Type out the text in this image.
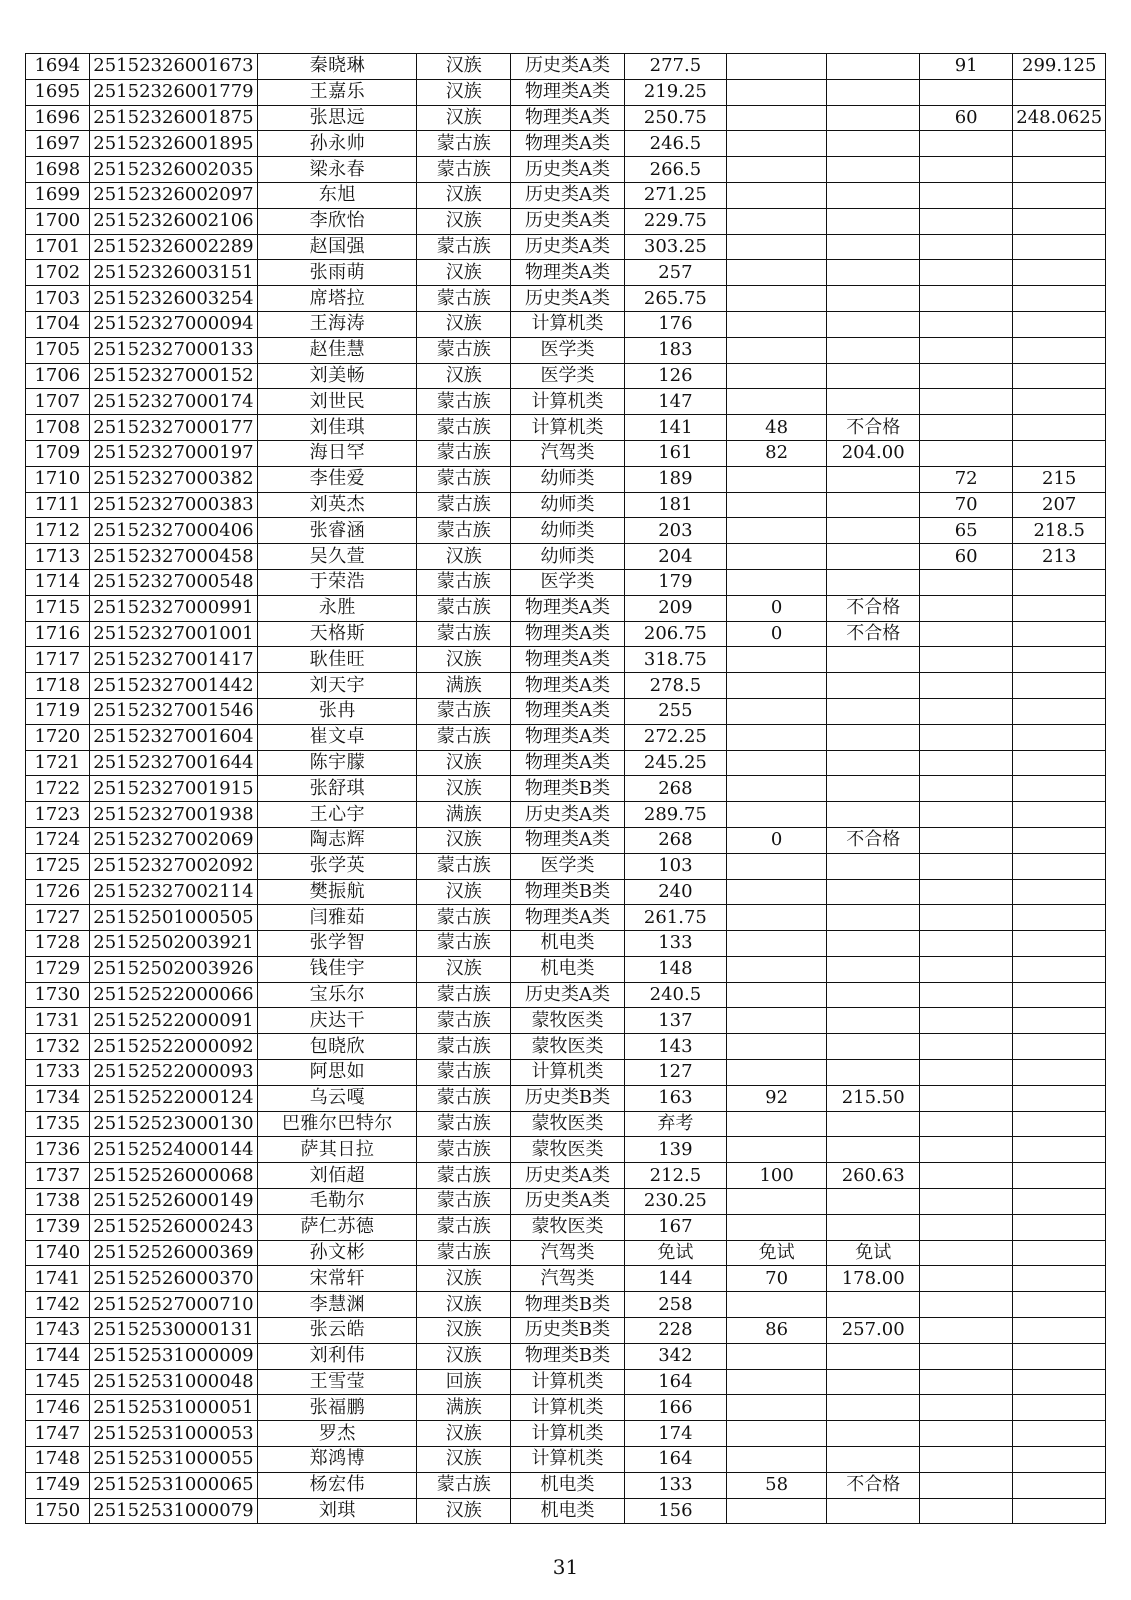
1694	25152326001673	秦晓琳	汉族	历史类A类	277.5			91	299.125
1695	25152326001779	王嘉乐	汉族	物理类A类	219.25				
1696	25152326001875	张思远	汉族	物理类A类	250.75			60	248.0625
1697	25152326001895	孙永帅	蒙古族	物理类A类	246.5				
1698	25152326002035	梁永春	蒙古族	历史类A类	266.5				
1699	25152326002097	东旭	汉族	历史类A类	271.25				
1700	25152326002106	李欣怡	汉族	历史类A类	229.75				
1701	25152326002289	赵国强	蒙古族	历史类A类	303.25				
1702	25152326003151	张雨萌	汉族	物理类A类	257				
1703	25152326003254	席塔拉	蒙古族	历史类A类	265.75				
1704	25152327000094	王海涛	汉族	计算机类	176				
1705	25152327000133	赵佳慧	蒙古族	医学类	183				
1706	25152327000152	刘美畅	汉族	医学类	126				
1707	25152327000174	刘世民	蒙古族	计算机类	147				
1708	25152327000177	刘佳琪	蒙古族	计算机类	141	48	不合格		
1709	25152327000197	海日罕	蒙古族	汽驾类	161	82	204.00		
1710	25152327000382	李佳爱	蒙古族	幼师类	189			72	215
1711	25152327000383	刘英杰	蒙古族	幼师类	181			70	207
1712	25152327000406	张睿涵	蒙古族	幼师类	203			65	218.5
1713	25152327000458	吴久萱	汉族	幼师类	204			60	213
1714	25152327000548	于荣浩	蒙古族	医学类	179				
1715	25152327000991	永胜	蒙古族	物理类A类	209	0	不合格		
1716	25152327001001	天格斯	蒙古族	物理类A类	206.75	0	不合格		
1717	25152327001417	耿佳旺	汉族	物理类A类	318.75				
1718	25152327001442	刘天宇	满族	物理类A类	278.5				
1719	25152327001546	张冉	蒙古族	物理类A类	255				
1720	25152327001604	崔文卓	蒙古族	物理类A类	272.25				
1721	25152327001644	陈宇朦	汉族	物理类A类	245.25				
1722	25152327001915	张舒琪	汉族	物理类B类	268				
1723	25152327001938	王心宇	满族	历史类A类	289.75				
1724	25152327002069	陶志辉	汉族	物理类A类	268	0	不合格		
1725	25152327002092	张学英	蒙古族	医学类	103				
1726	25152327002114	樊振航	汉族	物理类B类	240				
1727	25152501000505	闫雅茹	蒙古族	物理类A类	261.75				
1728	25152502003921	张学智	蒙古族	机电类	133				
1729	25152502003926	钱佳宇	汉族	机电类	148				
1730	25152522000066	宝乐尔	蒙古族	历史类A类	240.5				
1731	25152522000091	庆达干	蒙古族	蒙牧医类	137				
1732	25152522000092	包晓欣	蒙古族	蒙牧医类	143				
1733	25152522000093	阿思如	蒙古族	计算机类	127				
1734	25152522000124	乌云嘎	蒙古族	历史类B类	163	92	215.50		
1735	25152523000130	巴雅尔巴特尔	蒙古族	蒙牧医类	弃考				
1736	25152524000144	萨其日拉	蒙古族	蒙牧医类	139				
1737	25152526000068	刘佰超	蒙古族	历史类A类	212.5	100	260.63		
1738	25152526000149	毛勒尔	蒙古族	历史类A类	230.25				
1739	25152526000243	萨仁苏德	蒙古族	蒙牧医类	167				
1740	25152526000369	孙文彬	蒙古族	汽驾类	免试	免试	免试		
1741	25152526000370	宋常轩	汉族	汽驾类	144	70	178.00		
1742	25152527000710	李慧渊	汉族	物理类B类	258				
1743	25152530000131	张云皓	汉族	历史类B类	228	86	257.00		
1744	25152531000009	刘利伟	汉族	物理类B类	342				
1745	25152531000048	王雪莹	回族	计算机类	164				
1746	25152531000051	张福鹏	满族	计算机类	166				
1747	25152531000053	罗杰	汉族	计算机类	174				
1748	25152531000055	郑鸿博	汉族	计算机类	164				
1749	25152531000065	杨宏伟	蒙古族	机电类	133	58	不合格		
1750	25152531000079	刘琪	汉族	机电类	156				
31
